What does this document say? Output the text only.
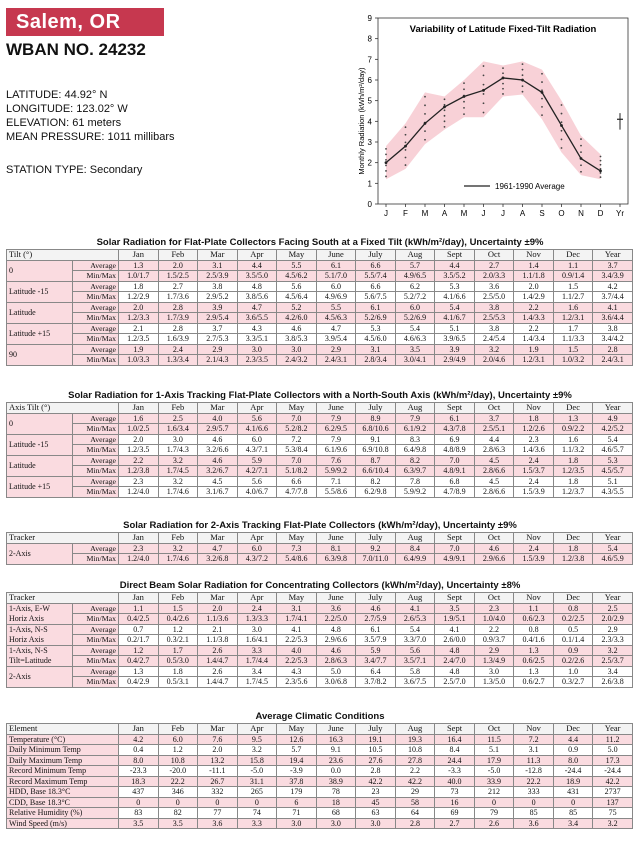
Salem, OR
WBAN NO. 24232
LATITUDE: 44.92° N
LONGITUDE: 123.02° W
ELEVATION: 61 meters
MEAN PRESSURE: 1011 millibars
STATION TYPE: Secondary
0
1
2
3
4
5
6
7
8
9
J F M A M J J A S O N D Yr
Variability of Latitude Fixed-Tilt Radiation
Monthly Radiation (kWh/m²/day)
1961-1990 Average
Solar Radiation for Flat-Plate Collectors Facing South at a Fixed Tilt (kWh/m²/day), Uncertainty ±9%
Tilt (°)		Jan	Feb	Mar	Apr	May	June	July	Aug	Sept	Oct	Nov	Dec	Year
0	Average	1.3	2.0	3.1	4.4	5.5	6.1	6.6	5.7	4.4	2.7	1.4	1.1	3.7
	Min/Max	1.0/1.7	1.5/2.5	2.5/3.9	3.5/5.0	4.5/6.2	5.1/7.0	5.5/7.4	4.9/6.5	3.5/5.2	2.0/3.3	1.1/1.8	0.9/1.4	3.4/3.9
Latitude -15	Average	1.8	2.7	3.8	4.8	5.6	6.0	6.6	6.2	5.3	3.6	2.0	1.5	4.2
	Min/Max	1.2/2.9	1.7/3.6	2.9/5.2	3.8/5.6	4.5/6.4	4.9/6.9	5.6/7.5	5.2/7.2	4.1/6.6	2.5/5.0	1.4/2.9	1.1/2.7	3.7/4.4
Latitude	Average	2.0	2.8	3.9	4.7	5.2	5.5	6.1	6.0	5.4	3.8	2.2	1.6	4.1
	Min/Max	1.2/3.3	1.7/3.9	2.9/5.4	3.6/5.5	4.2/6.0	4.5/6.3	5.2/6.9	5.2/6.9	4.1/6.7	2.5/5.3	1.4/3.3	1.2/3.1	3.6/4.4
Latitude +15	Average	2.1	2.8	3.7	4.3	4.6	4.7	5.3	5.4	5.1	3.8	2.2	1.7	3.8
	Min/Max	1.2/3.5	1.6/3.9	2.7/5.3	3.3/5.1	3.8/5.3	3.9/5.4	4.5/6.0	4.6/6.3	3.9/6.5	2.4/5.4	1.4/3.4	1.1/3.3	3.4/4.2
90	Average	1.9	2.4	2.9	3.0	3.0	2.9	3.1	3.5	3.9	3.2	1.9	1.5	2.8
	Min/Max	1.0/3.3	1.3/3.4	2.1/4.3	2.3/3.5	2.4/3.2	2.4/3.1	2.8/3.4	3.0/4.1	2.9/4.9	2.0/4.6	1.2/3.1	1.0/3.2	2.4/3.1
Solar Radiation for 1-Axis Tracking Flat-Plate Collectors with a North-South Axis (kWh/m²/day), Uncertainty ±9%
Axis Tilt (°)		Jan	Feb	Mar	Apr	May	June	July	Aug	Sept	Oct	Nov	Dec	Year
0	Average	1.6	2.5	4.0	5.6	7.0	7.9	8.9	7.9	6.1	3.7	1.8	1.3	4.9
	Min/Max	1.0/2.5	1.6/3.4	2.9/5.7	4.1/6.6	5.2/8.2	6.2/9.5	6.8/10.6	6.1/9.2	4.3/7.8	2.5/5.1	1.2/2.6	0.9/2.2	4.2/5.2
Latitude -15	Average	2.0	3.0	4.6	6.0	7.2	7.9	9.1	8.3	6.9	4.4	2.3	1.6	5.4
	Min/Max	1.2/3.5	1.7/4.3	3.2/6.6	4.3/7.1	5.3/8.4	6.1/9.6	6.9/10.8	6.4/9.8	4.8/8.9	2.8/6.3	1.4/3.6	1.1/3.2	4.6/5.7
Latitude	Average	2.2	3.2	4.6	5.9	7.0	7.6	8.7	8.2	7.0	4.5	2.4	1.8	5.3
	Min/Max	1.2/3.8	1.7/4.5	3.2/6.7	4.2/7.1	5.1/8.2	5.9/9.2	6.6/10.4	6.3/9.7	4.8/9.1	2.8/6.6	1.5/3.7	1.2/3.5	4.5/5.7
Latitude +15	Average	2.3	3.2	4.5	5.6	6.6	7.1	8.2	7.8	6.8	4.5	2.4	1.8	5.1
	Min/Max	1.2/4.0	1.7/4.6	3.1/6.7	4.0/6.7	4.7/7.8	5.5/8.6	6.2/9.8	5.9/9.2	4.7/8.9	2.8/6.6	1.5/3.9	1.2/3.7	4.3/5.5
Solar Radiation for 2-Axis Tracking Flat-Plate Collectors (kWh/m²/day), Uncertainty ±9%
Tracker		Jan	Feb	Mar	Apr	May	June	July	Aug	Sept	Oct	Nov	Dec	Year
2-Axis	Average	2.3	3.2	4.7	6.0	7.3	8.1	9.2	8.4	7.0	4.6	2.4	1.8	5.4
	Min/Max	1.2/4.0	1.7/4.6	3.2/6.8	4.3/7.2	5.4/8.6	6.3/9.8	7.0/11.0	6.4/9.9	4.9/9.1	2.9/6.6	1.5/3.9	1.2/3.8	4.6/5.9
Direct Beam Solar Radiation for Concentrating Collectors (kWh/m²/day), Uncertainty ±8%
Tracker		Jan	Feb	Mar	Apr	May	June	July	Aug	Sept	Oct	Nov	Dec	Year

1-Axis, E-W
Horiz Axis	Average	1.1	1.5	2.0	2.4	3.1	3.6	4.6	4.1	3.5	2.3	1.1	0.8	2.5
	Min/Max	0.4/2.5	0.4/2.6	1.1/3.6	1.3/3.3	1.7/4.1	2.2/5.0	2.7/5.9	2.6/5.3	1.9/5.1	1.0/4.0	0.6/2.3	0.2/2.5	2.0/2.9

1-Axis, N-S
Horiz Axis	Average	0.7	1.2	2.1	3.0	4.1	4.8	6.1	5.4	4.1	2.2	0.8	0.5	2.9
	Min/Max	0.2/1.7	0.3/2.1	1.1/3.8	1.6/4.1	2.2/5.3	2.9/6.6	3.5/7.9	3.3/7.0	2.6/0.0	0.9/3.7	0.4/1.6	0.1/1.4	2.3/3.3

1-Axis, N-S
Tilt=Latitude	Average	1.2	1.7	2.6	3.3	4.0	4.6	5.9	5.6	4.8	2.9	1.3	0.9	3.2
	Min/Max	0.4/2.7	0.5/3.0	1.4/4.7	1.7/4.4	2.2/5.3	2.8/6.3	3.4/7.7	3.5/7.1	2.4/7.0	1.3/4.9	0.6/2.5	0.2/2.6	2.5/3.7

2-Axis	Average	1.3	1.8	2.6	3.4	4.3	5.0	6.4	5.8	4.8	3.0	1.3	1.0	3.4
	Min/Max	0.4/2.9	0.5/3.1	1.4/4.7	1.7/4.5	2.3/5.6	3.0/6.8	3.7/8.2	3.6/7.5	2.5/7.0	1.3/5.0	0.6/2.7	0.3/2.7	2.6/3.8
Average Climatic Conditions
Element	Jan	Feb	Mar	Apr	May	June	July	Aug	Sept	Oct	Nov	Dec	Year
Temperature (°C)	4.2	6.0	7.6	9.5	12.6	16.3	19.1	19.3	16.4	11.5	7.2	4.4	11.2
Daily Minimum Temp	0.4	1.2	2.0	3.2	5.7	9.1	10.5	10.8	8.4	5.1	3.1	0.9	5.0
Daily Maximum Temp	8.0	10.8	13.2	15.8	19.4	23.6	27.6	27.8	24.4	17.9	11.3	8.0	17.3
Record Minimum Temp	-23.3	-20.0	-11.1	-5.0	-3.9	0.0	2.8	2.2	-3.3	-5.0	-12.8	-24.4	-24.4
Record Maximum Temp	18.3	22.2	26.7	31.1	37.8	38.9	42.2	42.2	40.0	33.9	22.2	18.9	42.2
HDD, Base 18.3°C	437	346	332	265	179	78	23	29	73	212	333	431	2737
CDD, Base 18.3°C	0	0	0	0	6	18	45	58	16	0	0	0	137
Relative Humidity (%)	83	82	77	74	71	68	63	64	69	79	85	85	75
Wind Speed (m/s)	3.5	3.5	3.6	3.3	3.0	3.0	3.0	2.8	2.7	2.6	3.6	3.4	3.2
